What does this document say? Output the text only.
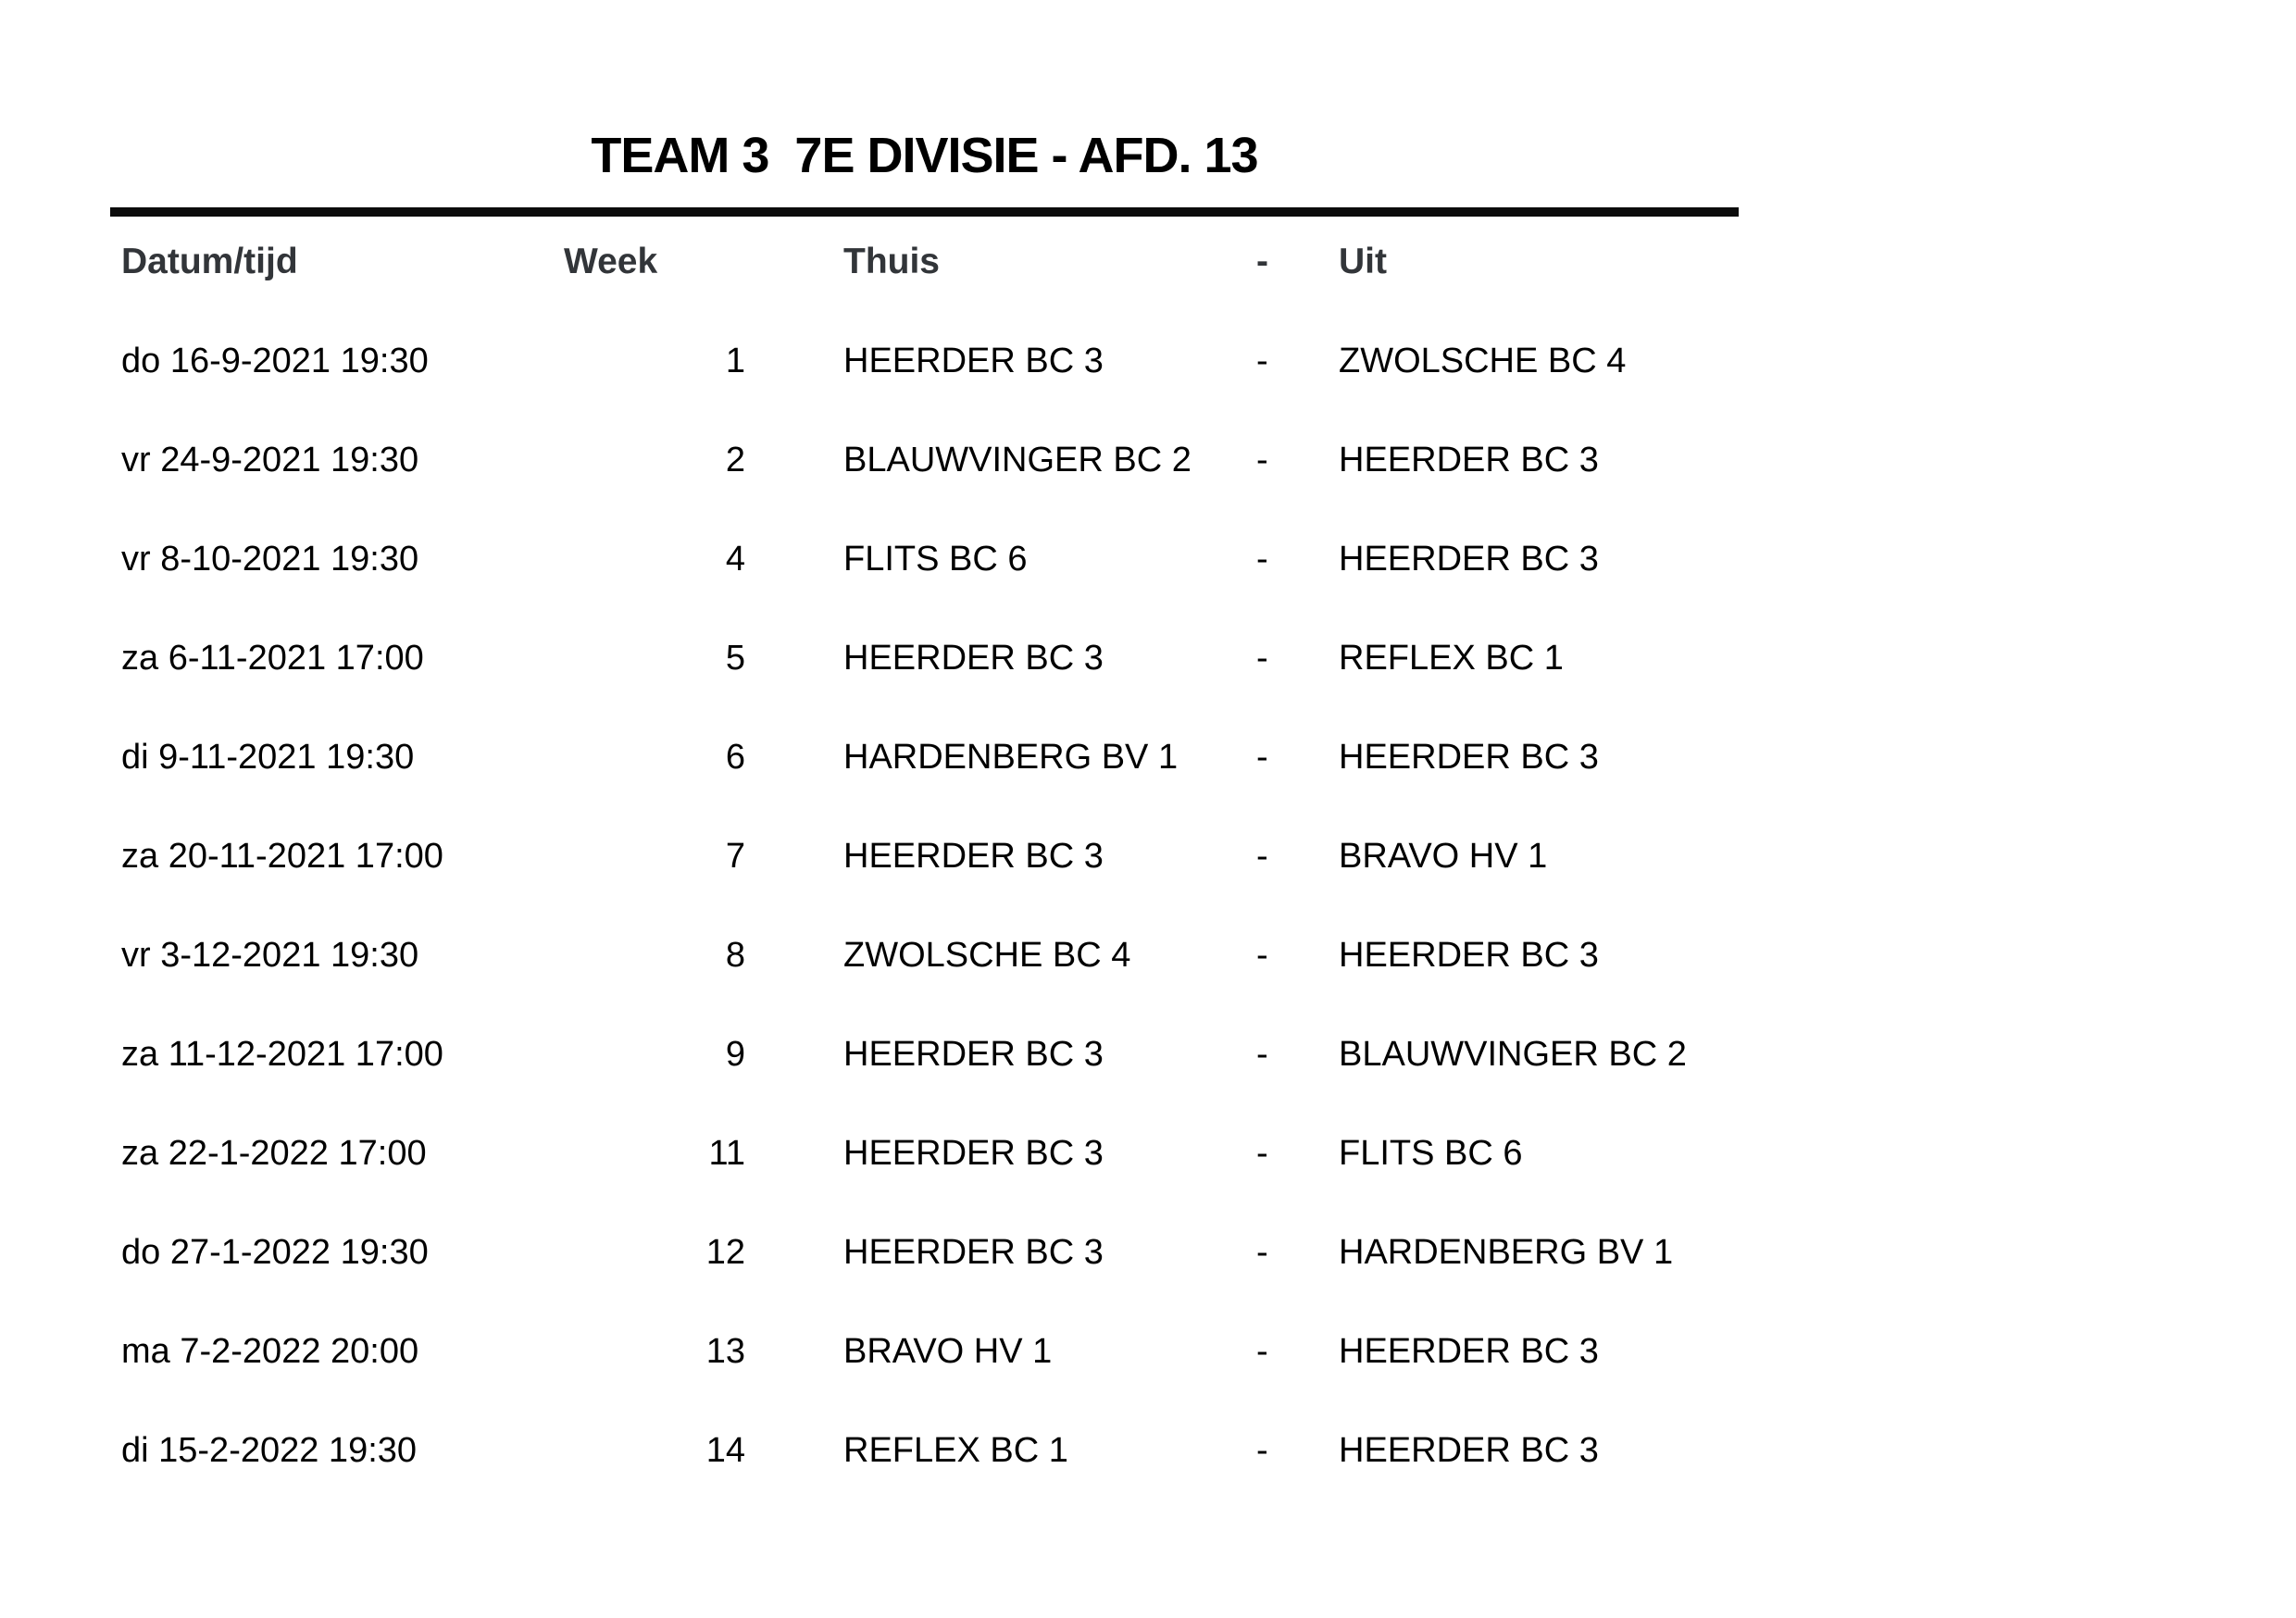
TEAM 3  7E DIVISIE - AFD. 13
Datum/tijd	Week	Thuis	-	Uit
do 16-9-2021 19:30	1	HEERDER BC 3	-	ZWOLSCHE BC 4
vr 24-9-2021 19:30	2	BLAUWVINGER BC 2	-	HEERDER BC 3
vr 8-10-2021 19:30	4	FLITS BC 6	-	HEERDER BC 3
za 6-11-2021 17:00	5	HEERDER BC 3	-	REFLEX BC 1
di 9-11-2021 19:30	6	HARDENBERG BV 1	-	HEERDER BC 3
za 20-11-2021 17:00	7	HEERDER BC 3	-	BRAVO HV 1
vr 3-12-2021 19:30	8	ZWOLSCHE BC 4	-	HEERDER BC 3
za 11-12-2021 17:00	9	HEERDER BC 3	-	BLAUWVINGER BC 2
za 22-1-2022 17:00	11	HEERDER BC 3	-	FLITS BC 6
do 27-1-2022 19:30	12	HEERDER BC 3	-	HARDENBERG BV 1
ma 7-2-2022 20:00	13	BRAVO HV 1	-	HEERDER BC 3
di 15-2-2022 19:30	14	REFLEX BC 1	-	HEERDER BC 3
